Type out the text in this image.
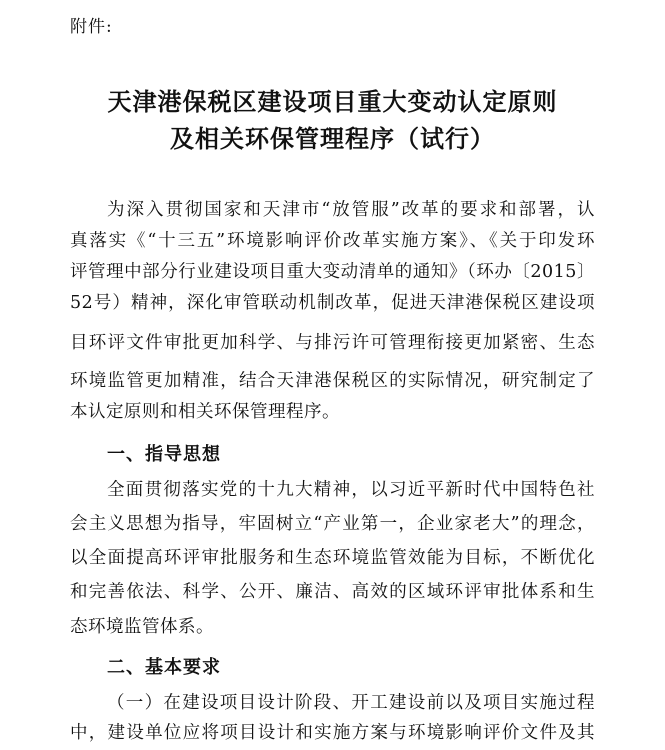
附件:
天津港保税区建设项目重大变动认定原则
及相关环保管理程序（试行）
为深入贯彻国家和天津市“放管服”改革的要求和部署，认
真落实《“十三五”环境影响评价改革实施方案》、《关于印发环
评管理中部分行业建设项目重大变动清单的通知》（环办〔2015〕
52号）精神，深化审管联动机制改革，促进天津港保税区建设项
目环评文件审批更加科学、与排污许可管理衔接更加紧密、生态
环境监管更加精准，结合天津港保税区的实际情况，研究制定了
本认定原则和相关环保管理程序。
一、指导思想
全面贯彻落实党的十九大精神，以习近平新时代中国特色社
会主义思想为指导，牢固树立“产业第一，企业家老大”的理念，
以全面提高环评审批服务和生态环境监管效能为目标，不断优化
和完善依法、科学、公开、廉洁、高效的区域环评审批体系和生
态环境监管体系。
二、基本要求
（一）在建设项目设计阶段、开工建设前以及项目实施过程
中，建设单位应将项目设计和实施方案与环境影响评价文件及其
